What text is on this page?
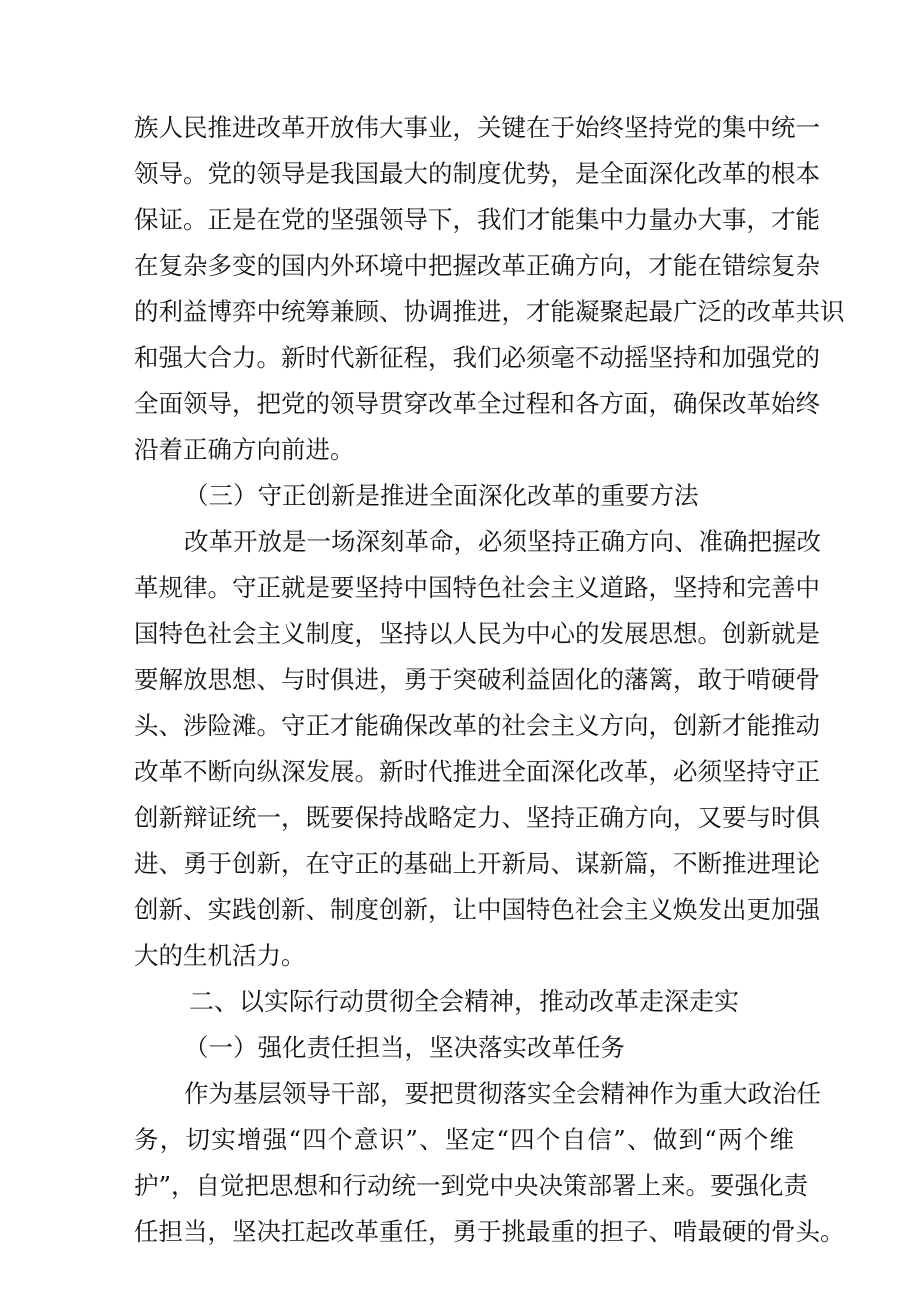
族人民推进改革开放伟大事业，关键在于始终坚持党的集中统一
领导。党的领导是我国最大的制度优势，是全面深化改革的根本
保证。正是在党的坚强领导下，我们才能集中力量办大事，才能
在复杂多变的国内外环境中把握改革正确方向，才能在错综复杂
的利益博弈中统筹兼顾、协调推进，才能凝聚起最广泛的改革共识
和强大合力。新时代新征程，我们必须毫不动摇坚持和加强党的
全面领导，把党的领导贯穿改革全过程和各方面，确保改革始终
沿着正确方向前进。
（三）守正创新是推进全面深化改革的重要方法
改革开放是一场深刻革命，必须坚持正确方向、准确把握改
革规律。守正就是要坚持中国特色社会主义道路，坚持和完善中
国特色社会主义制度，坚持以人民为中心的发展思想。创新就是
要解放思想、与时俱进，勇于突破利益固化的藩篱，敢于啃硬骨
头、涉险滩。守正才能确保改革的社会主义方向，创新才能推动
改革不断向纵深发展。新时代推进全面深化改革，必须坚持守正
创新辩证统一，既要保持战略定力、坚持正确方向，又要与时俱
进、勇于创新，在守正的基础上开新局、谋新篇，不断推进理论
创新、实践创新、制度创新，让中国特色社会主义焕发出更加强
大的生机活力。
二、以实际行动贯彻全会精神，推动改革走深走实
（一）强化责任担当，坚决落实改革任务
作为基层领导干部，要把贯彻落实全会精神作为重大政治任
务，切实增强“四个意识”、坚定“四个自信”、做到“两个维
护”，自觉把思想和行动统一到党中央决策部署上来。要强化责
任担当，坚决扛起改革重任，勇于挑最重的担子、啃最硬的骨头。
